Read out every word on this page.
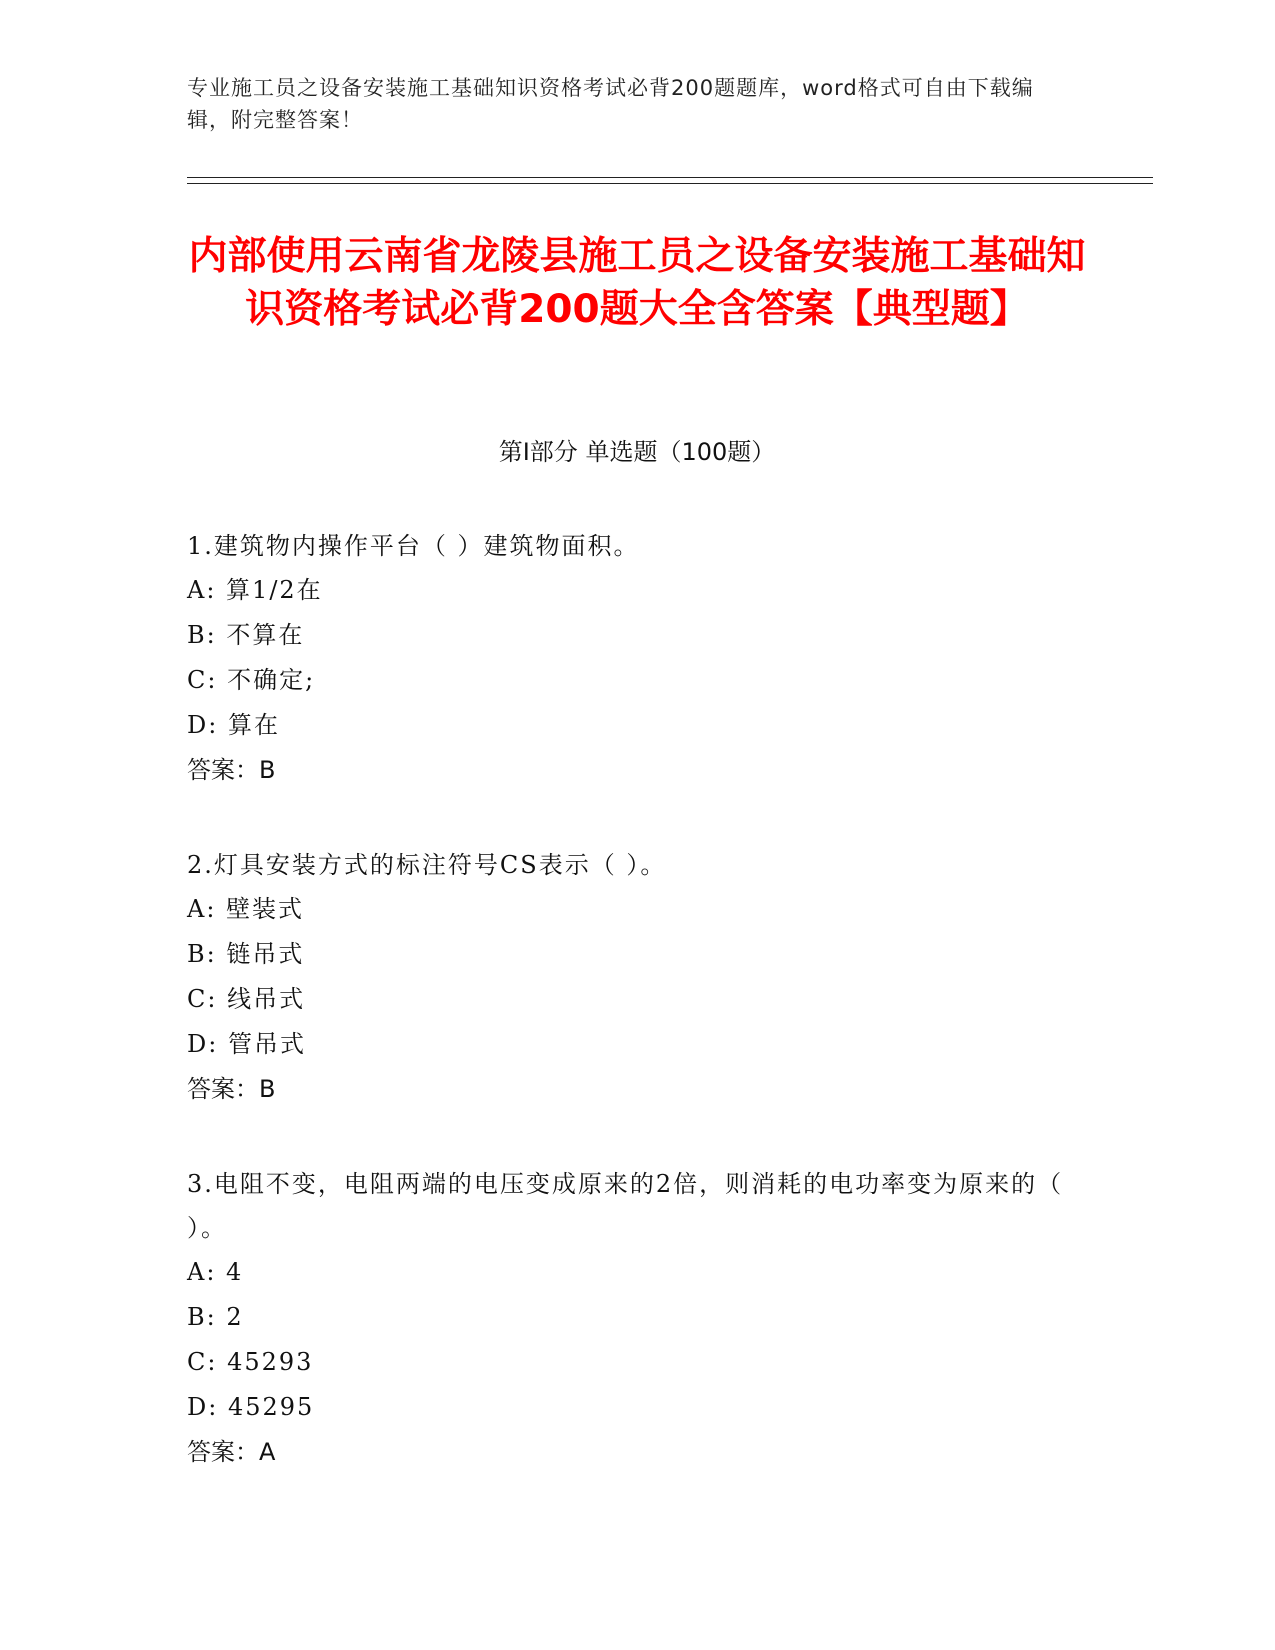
专业施工员之设备安装施工基础知识资格考试必背200题题库，word格式可自由下载编辑，附完整答案！
内部使用云南省龙陵县施工员之设备安装施工基础知识资格考试必背200题大全含答案【典型题】
第Ⅰ部分 单选题（100题）

1.建筑物内操作平台（ ）建筑物面积。

A: 算1/2在

B: 不算在

C: 不确定;

D: 算在

答案：B

2.灯具安装方式的标注符号CS表示（ ）。

A: 壁装式

B: 链吊式

C: 线吊式

D: 管吊式

答案：B

3.电阻不变，电阻两端的电压变成原来的2倍，则消耗的电功率变为原来的（ ）。

A: 4

B: 2

C: 45293

D: 45295

答案：A
